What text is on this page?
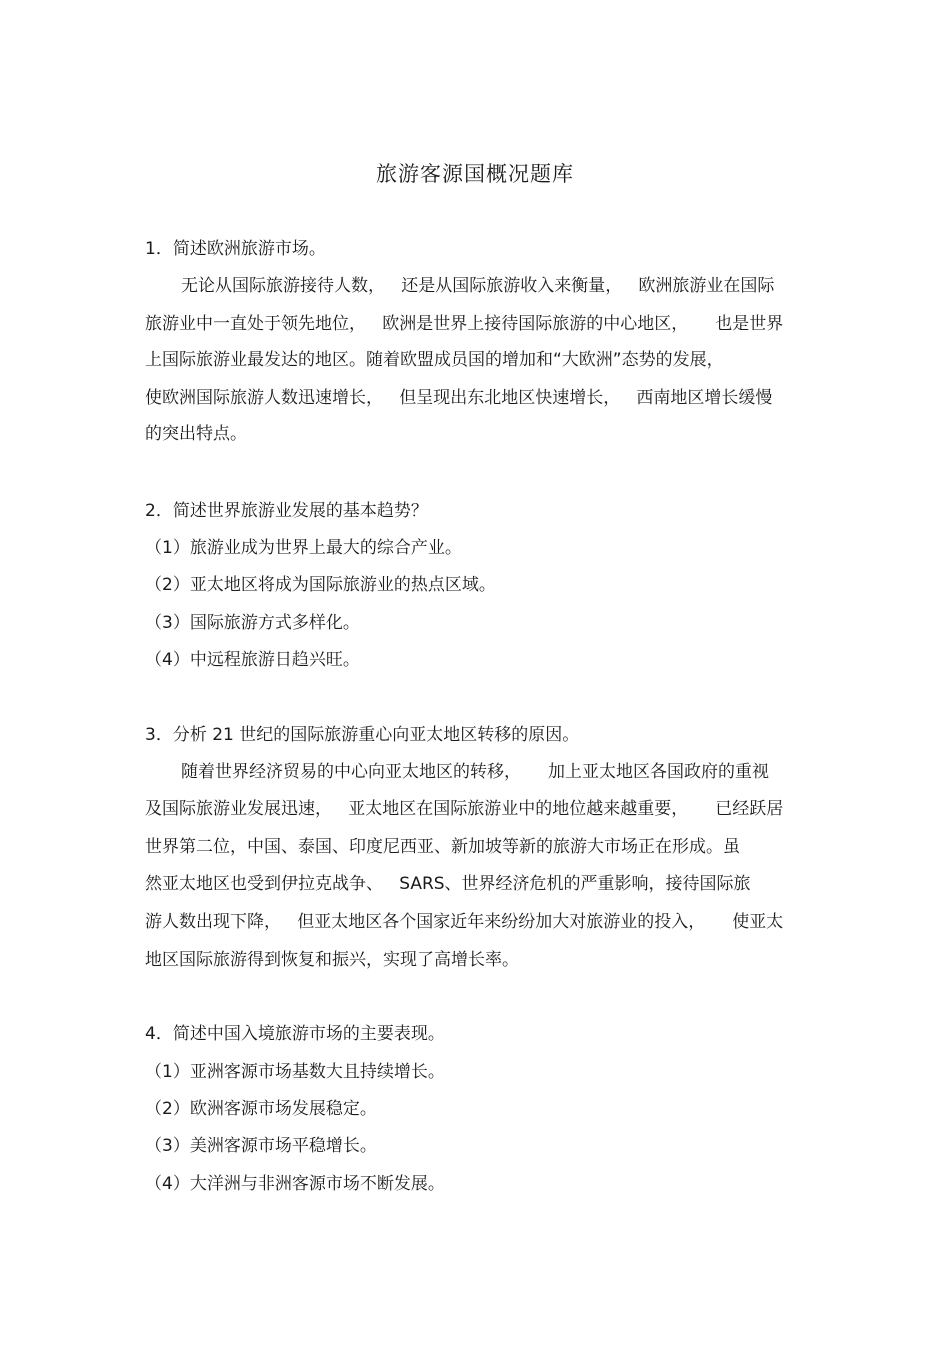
旅游客源国概况题库
1．简述欧洲旅游市场。
无论从国际旅游接待人数，   还是从国际旅游收入来衡量，   欧洲旅游业在国际
旅游业中一直处于领先地位，   欧洲是世界上接待国际旅游的中心地区，     也是世界
上国际旅游业最发达的地区。随着欧盟成员国的增加和“大欧洲”态势的发展，
使欧洲国际旅游人数迅速增长，   但呈现出东北地区快速增长，   西南地区增长缓慢
的突出特点。
2．简述世界旅游业发展的基本趋势？
（1）旅游业成为世界上最大的综合产业。
（2）亚太地区将成为国际旅游业的热点区域。
（3）国际旅游方式多样化。
（4）中远程旅游日趋兴旺。
3．分析 21 世纪的国际旅游重心向亚太地区转移的原因。
随着世界经济贸易的中心向亚太地区的转移，     加上亚太地区各国政府的重视
及国际旅游业发展迅速，   亚太地区在国际旅游业中的地位越来越重要，     已经跃居
世界第二位，中国、泰国、印度尼西亚、新加坡等新的旅游大市场正在形成。虽
然亚太地区也受到伊拉克战争、   SARS、世界经济危机的严重影响，接待国际旅
游人数出现下降，   但亚太地区各个国家近年来纷纷加大对旅游业的投入，     使亚太
地区国际旅游得到恢复和振兴，实现了高增长率。
4．简述中国入境旅游市场的主要表现。
（1）亚洲客源市场基数大且持续增长。
（2）欧洲客源市场发展稳定。
（3）美洲客源市场平稳增长。
（4）大洋洲与非洲客源市场不断发展。
